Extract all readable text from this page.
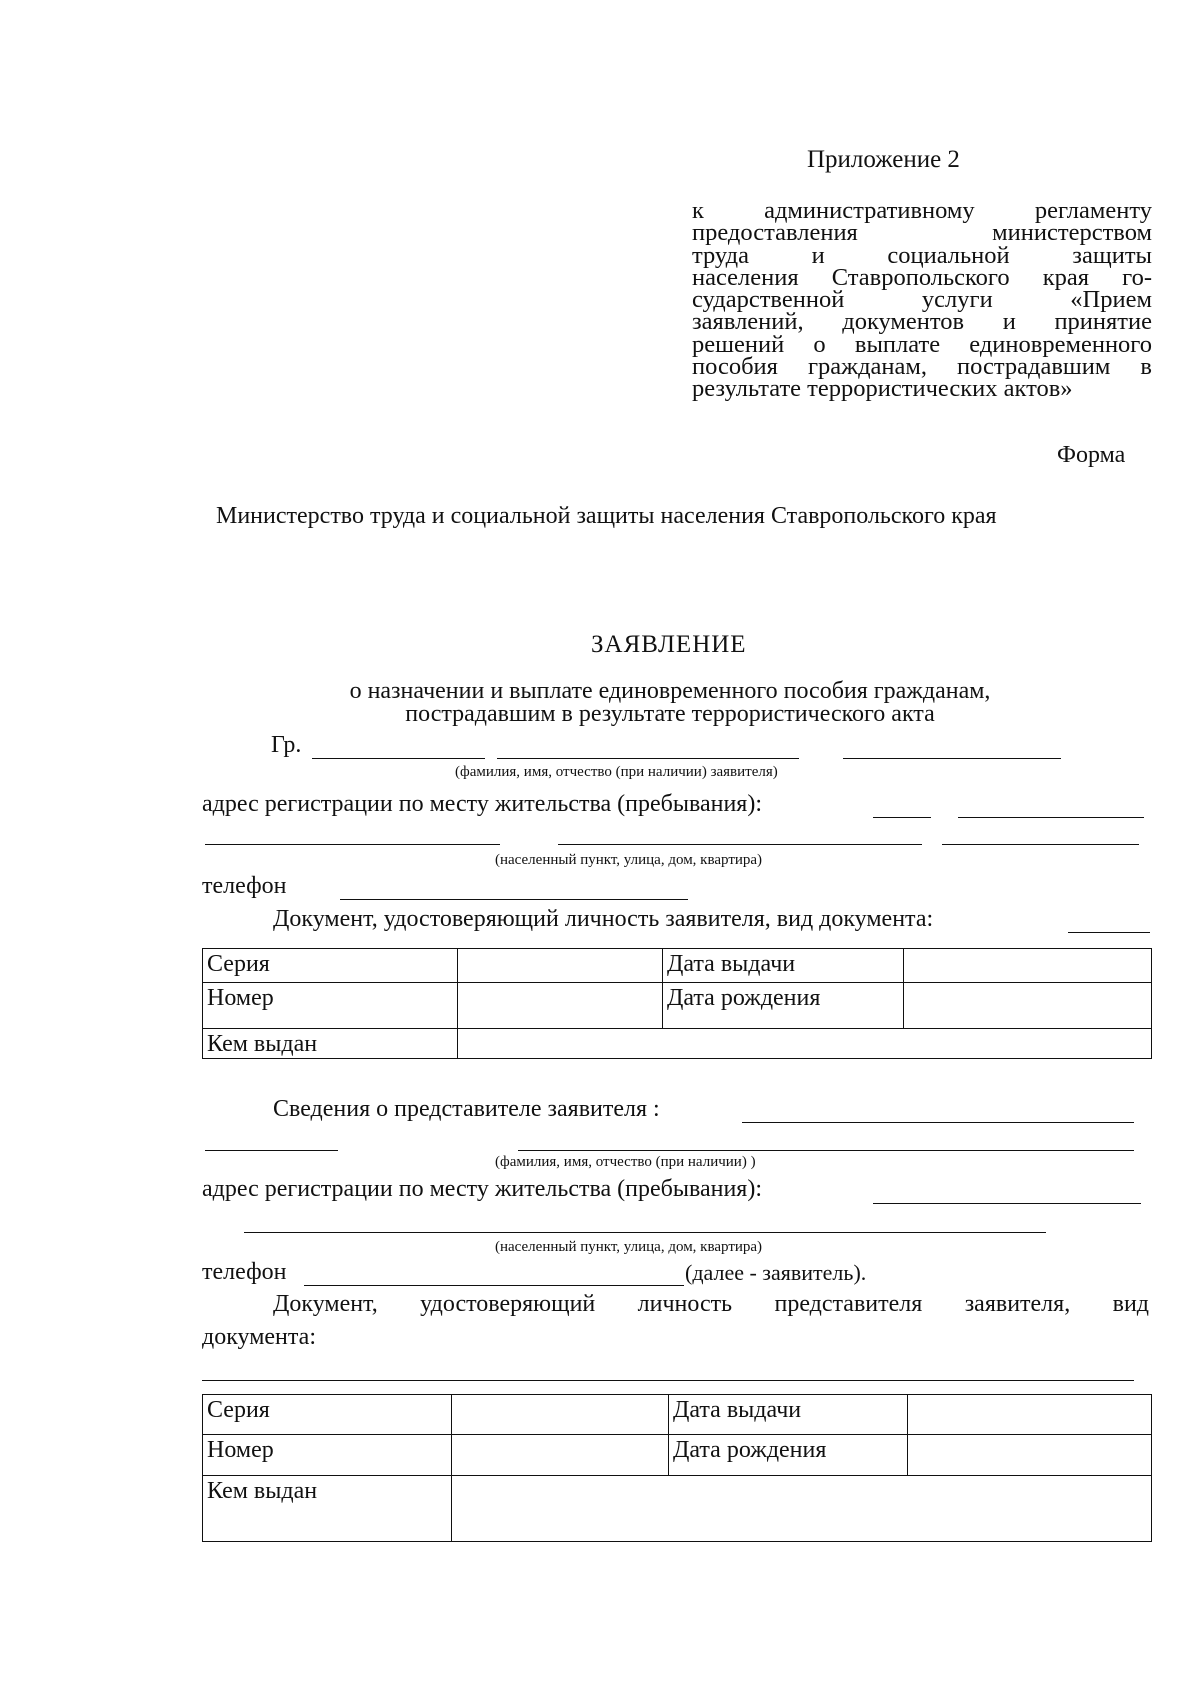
Приложение 2
к административному регламенту
предоставления министерством
труда и социальной защиты
населения Ставропольского края го-
сударственной услуги «Прием
заявлений, документов и принятие
решений о выплате единовременного
пособия гражданам, пострадавшим в
результате террористических актов»
Форма
Министерство труда и социальной защиты населения Ставропольского края
ЗАЯВЛЕНИЕ
о назначении и выплате единовременного пособия гражданам,
пострадавшим в результате террористического акта
Гр.
(фамилия, имя, отчество (при наличии) заявителя)
адрес регистрации по месту жительства (пребывания):
(населенный пункт, улица, дом, квартира)
телефон
Документ, удостоверяющий личность заявителя, вид документа:
Серия		Дата выдачи	
Номер		Дата рождения	
Кем выдан			
Сведения о представителе заявителя :
(фамилия, имя, отчество (при наличии) )
адрес регистрации по месту жительства (пребывания):
(населенный пункт, улица, дом, квартира)
телефон	(далее - заявитель).
Документ, удостоверяющий личность представителя заявителя, вид
документа:
Серия		Дата выдачи	
Номер		Дата рождения	
Кем выдан			
